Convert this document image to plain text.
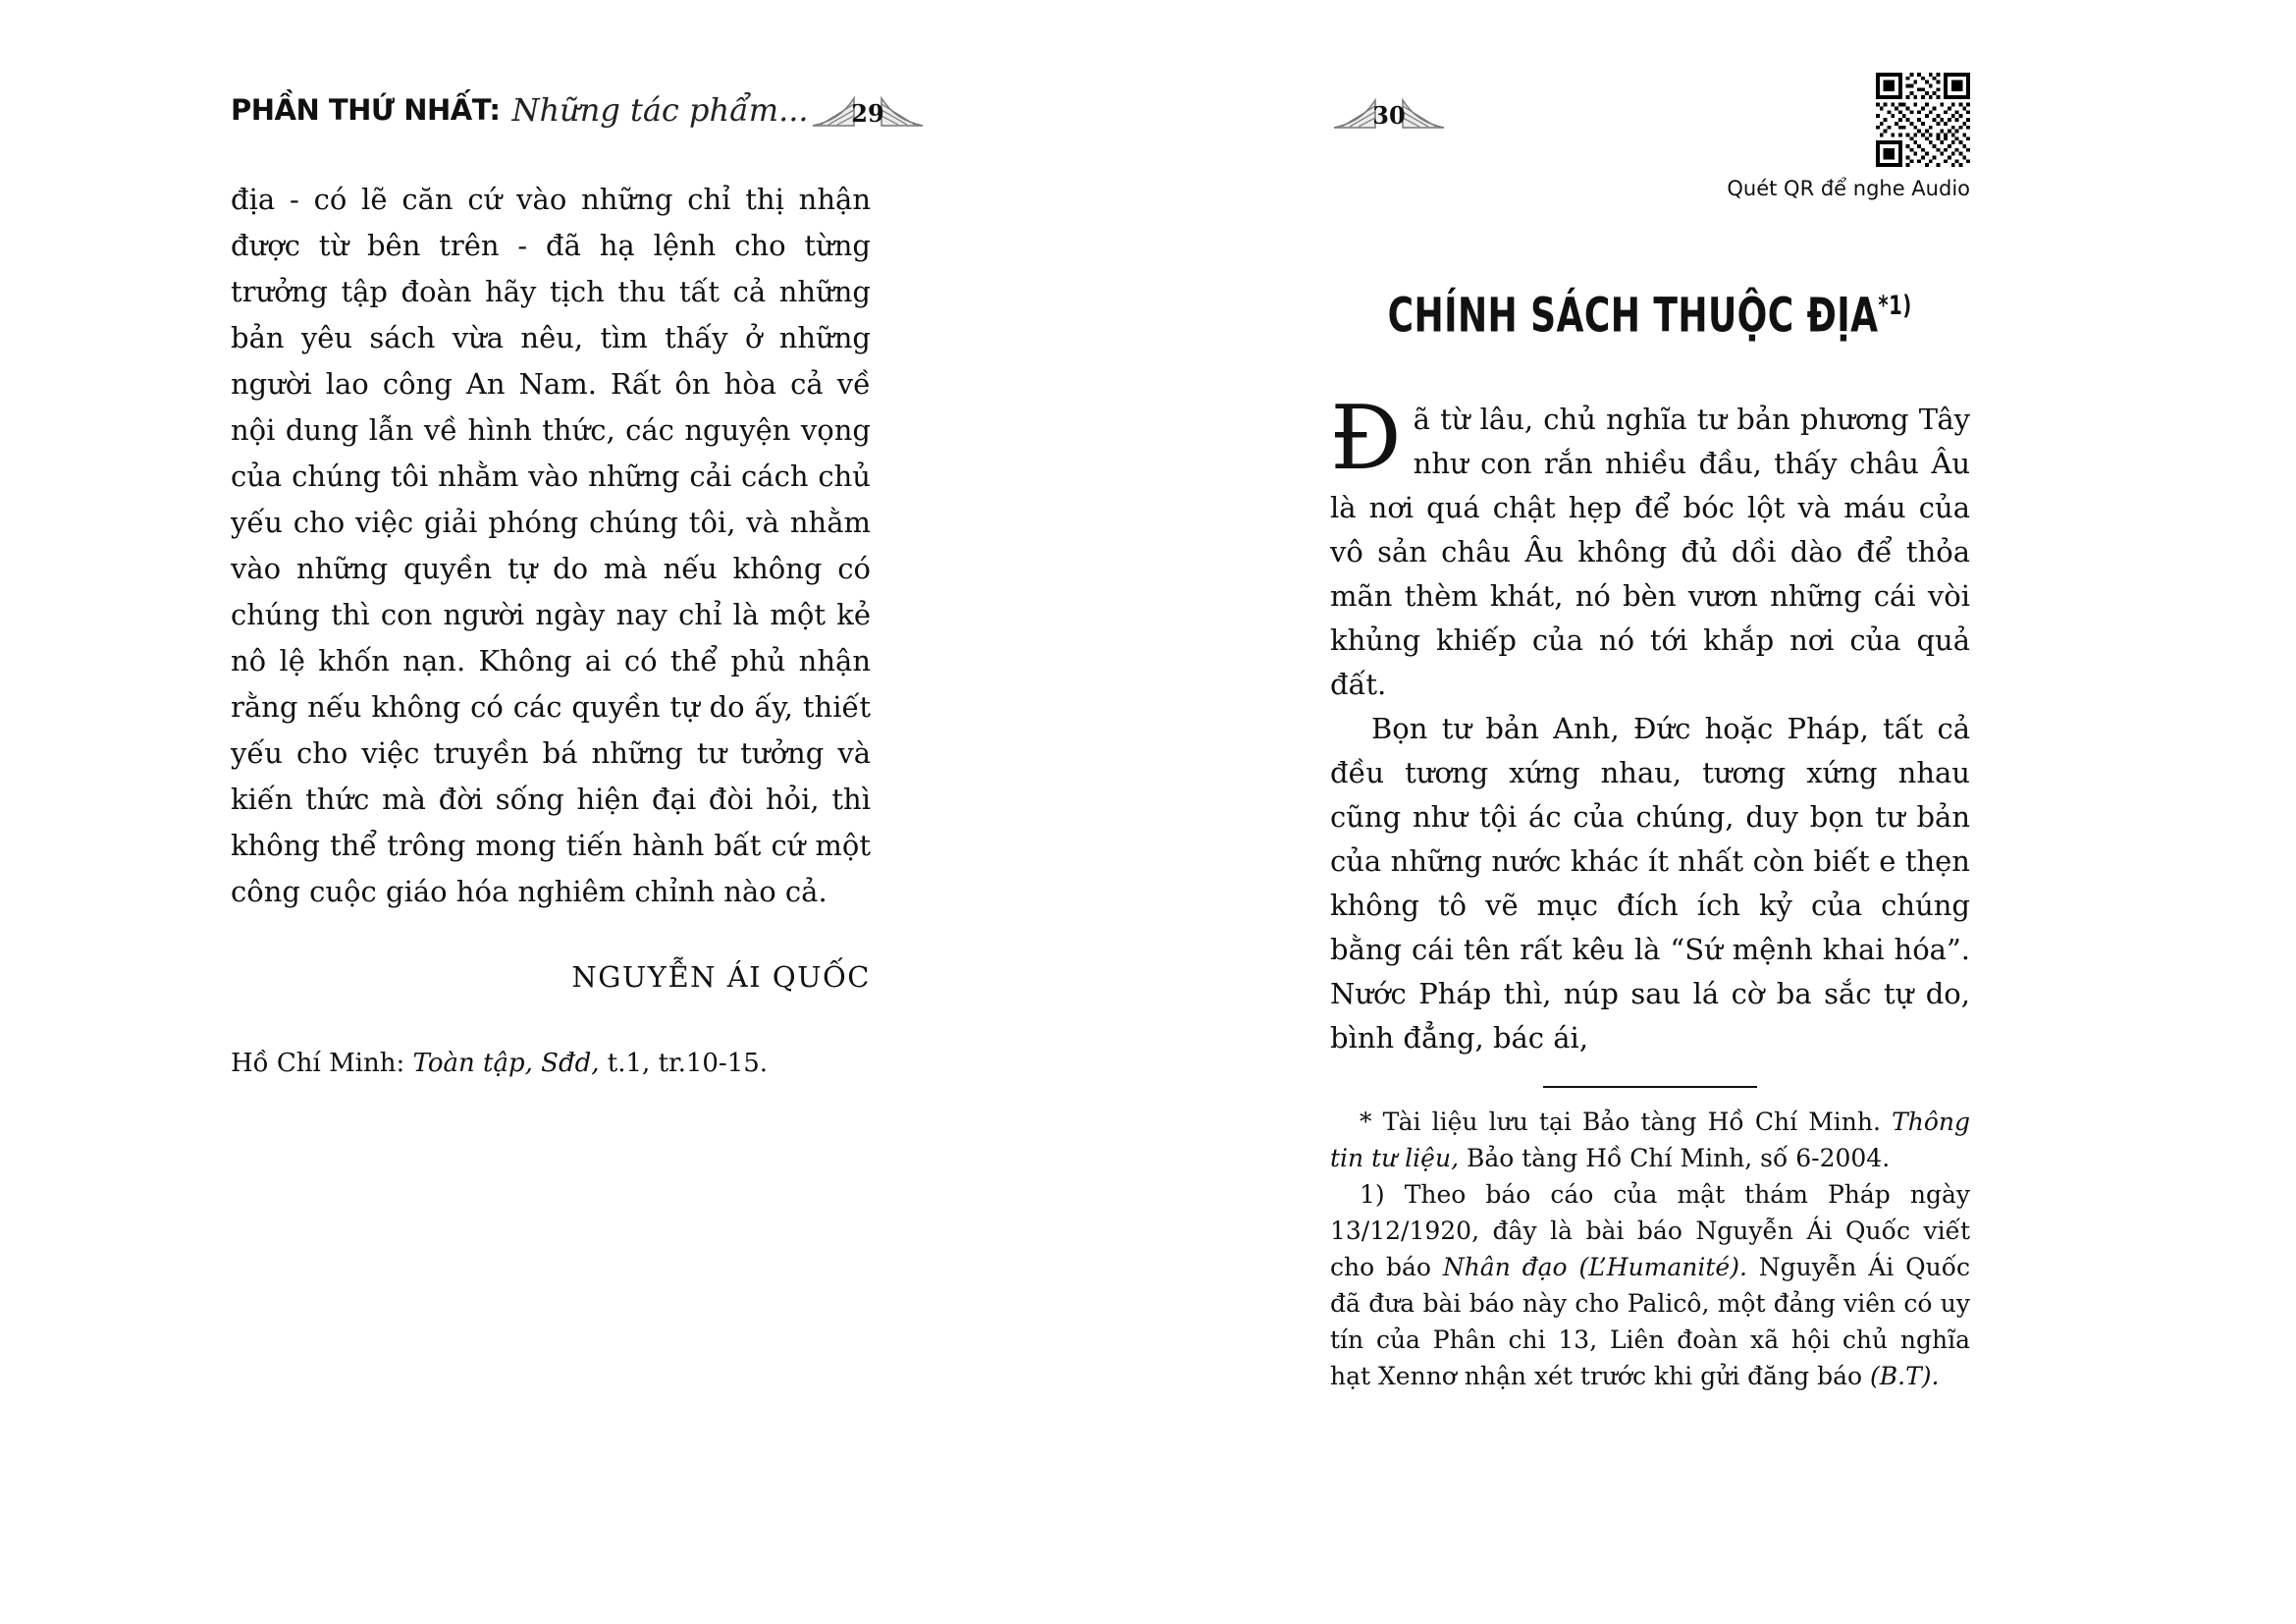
PHẦN THỨ NHẤT: Những tác phẩm... 29

địa - có lẽ căn cứ vào những chỉ thị nhận được từ bên trên - đã hạ lệnh cho từng trưởng tập đoàn hãy tịch thu tất cả những bản yêu sách vừa nêu, tìm thấy ở những người lao công An Nam. Rất ôn hòa cả về nội dung lẫn về hình thức, các nguyện vọng của chúng tôi nhằm vào những cải cách chủ yếu cho việc giải phóng chúng tôi, và nhằm vào những quyền tự do mà nếu không có chúng thì con người ngày nay chỉ là một kẻ nô lệ khốn nạn. Không ai có thể phủ nhận rằng nếu không có các quyền tự do ấy, thiết yếu cho việc truyền bá những tư tưởng và kiến thức mà đời sống hiện đại đòi hỏi, thì không thể trông mong tiến hành bất cứ một công cuộc giáo hóa nghiêm chỉnh nào cả.

NGUYỄN ÁI QUỐC
Hồ Chí Minh: Toàn tập, Sđd, t.1, tr.10-15.
30
Quét QR để nghe Audio
CHÍNH SÁCH THUỘC ĐỊA$^{*1)}$

Đã từ lâu, chủ nghĩa tư bản phương Tây như con rắn nhiều đầu, thấy châu Âu là nơi quá chật hẹp để bóc lột và máu của vô sản châu Âu không đủ dồi dào để thỏa mãn thèm khát, nó bèn vươn những cái vòi khủng khiếp của nó tới khắp nơi của quả đất.

Bọn tư bản Anh, Đức hoặc Pháp, tất cả đều tương xứng nhau, tương xứng nhau cũng như tội ác của chúng, duy bọn tư bản của những nước khác ít nhất còn biết e thẹn không tô vẽ mục đích ích kỷ của chúng bằng cái tên rất kêu là “Sứ mệnh khai hóa”. Nước Pháp thì, núp sau lá cờ ba sắc tự do, bình đẳng, bác ái,

* Tài liệu lưu tại Bảo tàng Hồ Chí Minh. Thông tin tư liệu, Bảo tàng Hồ Chí Minh, số 6-2004.

1) Theo báo cáo của mật thám Pháp ngày 13/12/1920, đây là bài báo Nguyễn Ái Quốc viết cho báo Nhân đạo (L’Humanité). Nguyễn Ái Quốc đã đưa bài báo này cho Palicô, một đảng viên có uy tín của Phân chi 13, Liên đoàn xã hội chủ nghĩa hạt Xennơ nhận xét trước khi gửi đăng báo (B.T).
